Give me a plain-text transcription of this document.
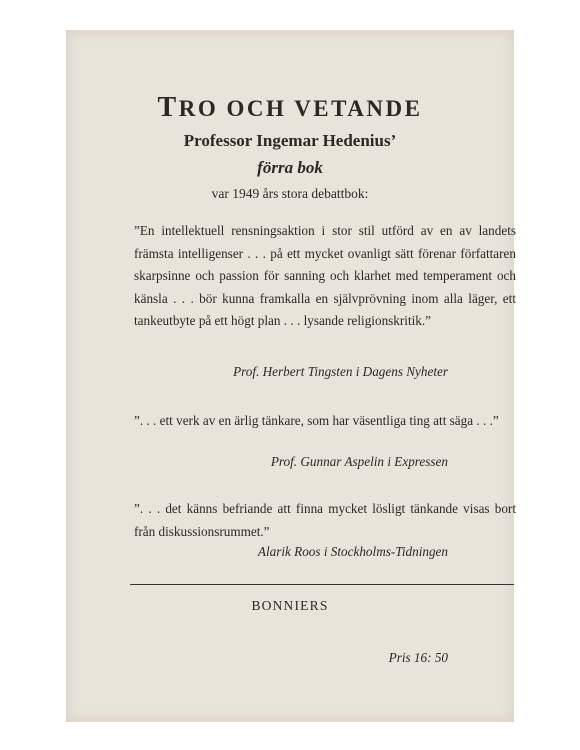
TRO OCH VETANDE
Professor Ingemar Hedenius’
förra bok
var 1949 års stora debattbok:
”En intellektuell rensningsaktion i stor stil utförd av en av landets främsta intelligenser . . . på ett mycket ovanligt sätt förenar författaren skarpsinne och passion för sanning och klarhet med temperament och känsla . . . bör kunna framkalla en självprövning inom alla läger, ett tankeutbyte på ett högt plan . . . lysande religionskritik.”
Prof. Herbert Tingsten i Dagens Nyheter
”. . . ett verk av en ärlig tänkare, som har väsentliga ting att säga . . .”
Prof. Gunnar Aspelin i Expressen
”. . . det känns befriande att finna mycket lösligt tänkande visas bort från diskussionsrummet.”
Alarik Roos i Stockholms-Tidningen
BONNIERS
Pris 16: 50
